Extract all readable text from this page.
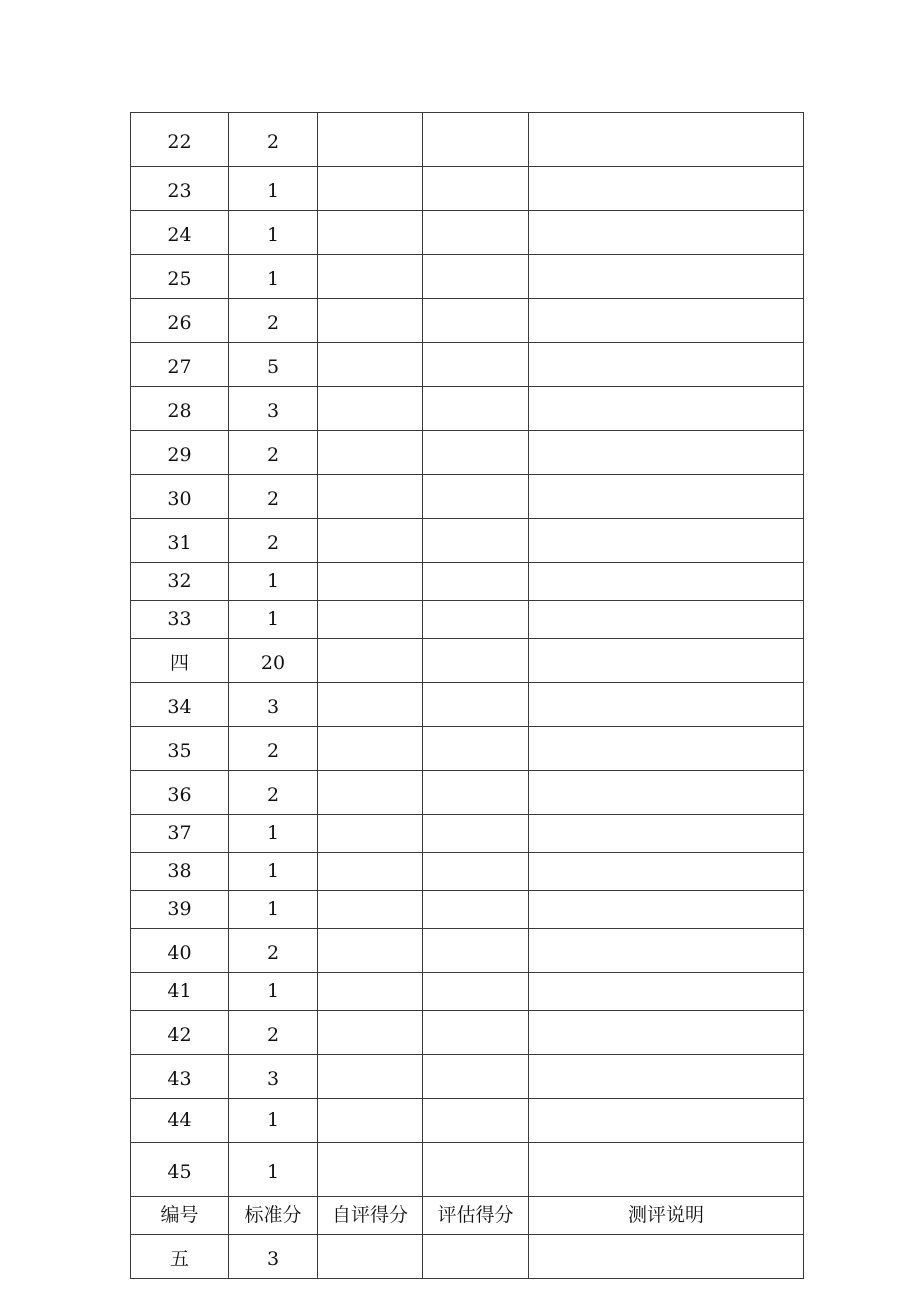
22	2			
23	1			
24	1			
25	1			
26	2			
27	5			
28	3			
29	2			
30	2			
31	2			
32	1			
33	1			
四	20			
34	3			
35	2			
36	2			
37	1			
38	1			
39	1			
40	2			
41	1			
42	2			
43	3			
44	1			
45	1			
编号	标准分	自评得分	评估得分	测评说明
五	3			
